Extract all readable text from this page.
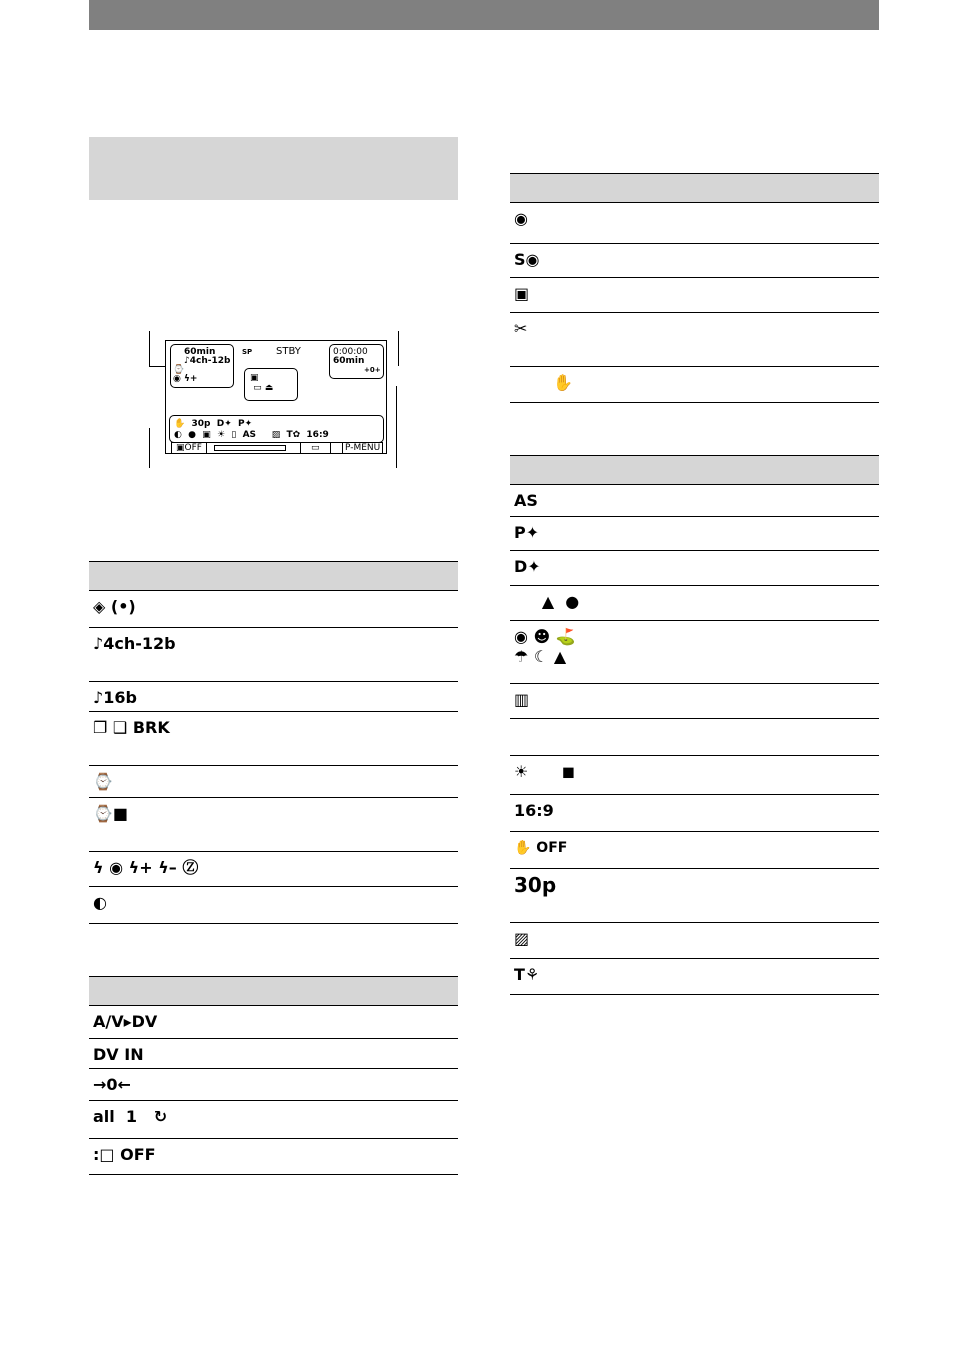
60min
♪4ch-12b
⌚
◉ ϟ+
SP STBY	0:00:00
60min
+0+
▣
▭ ⏏
✋  30p  D✦  P✦
◐  ●  ▣  ☀  ▯  AS     ▨  T✿  16:9
▣OFF	▭	P-MENU
◈ (•)
♪4ch-12b
♪16b
❐ ❑ BRK
⌚
⌚■
ϟ ◉ ϟ+ ϟ– Ⓩ
◐
A/V▸DV
DV IN
→0←
all  1   ↻
:□ OFF
◉
S◉
▣
✂
✋
AS
P✦
D✦
▲  ●
◉ ☻ ⛳
☂ ☾ ▲
▥
☀      ◼
16:9
✋ OFF
30p
▨
T⚘
